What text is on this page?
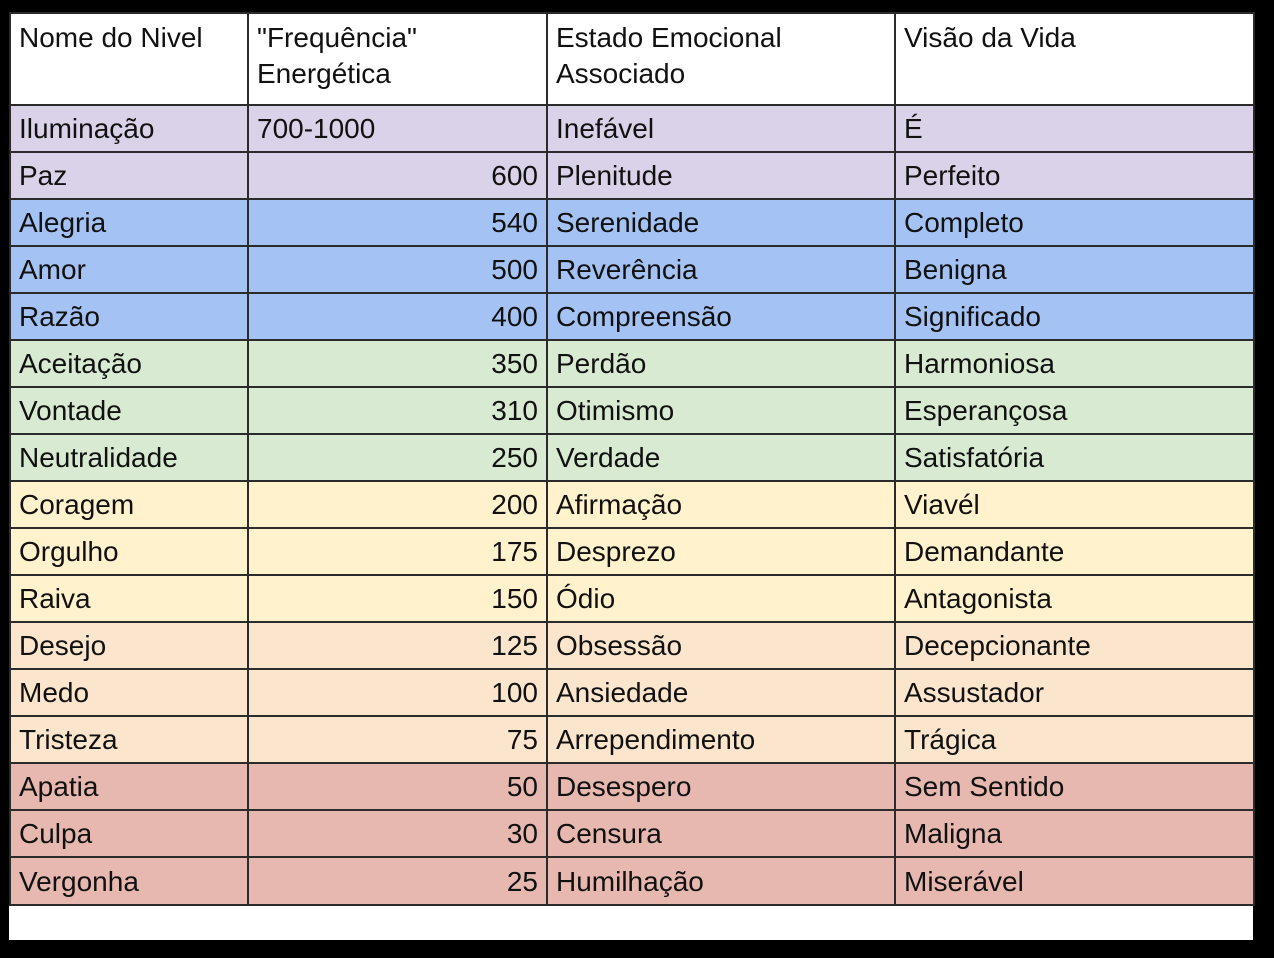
Nome do Nivel	"Frequência" Energética	Estado Emocional Associado	Visão da Vida
Iluminação	700-1000	Inefável	É
Paz	600	Plenitude	Perfeito
Alegria	540	Serenidade	Completo
Amor	500	Reverência	Benigna
Razão	400	Compreensão	Significado
Aceitação	350	Perdão	Harmoniosa
Vontade	310	Otimismo	Esperançosa
Neutralidade	250	Verdade	Satisfatória
Coragem	200	Afirmação	Viavél
Orgulho	175	Desprezo	Demandante
Raiva	150	Ódio	Antagonista
Desejo	125	Obsessão	Decepcionante
Medo	100	Ansiedade	Assustador
Tristeza	75	Arrependimento	Trágica
Apatia	50	Desespero	Sem Sentido
Culpa	30	Censura	Maligna
Vergonha	25	Humilhação	Miserável
